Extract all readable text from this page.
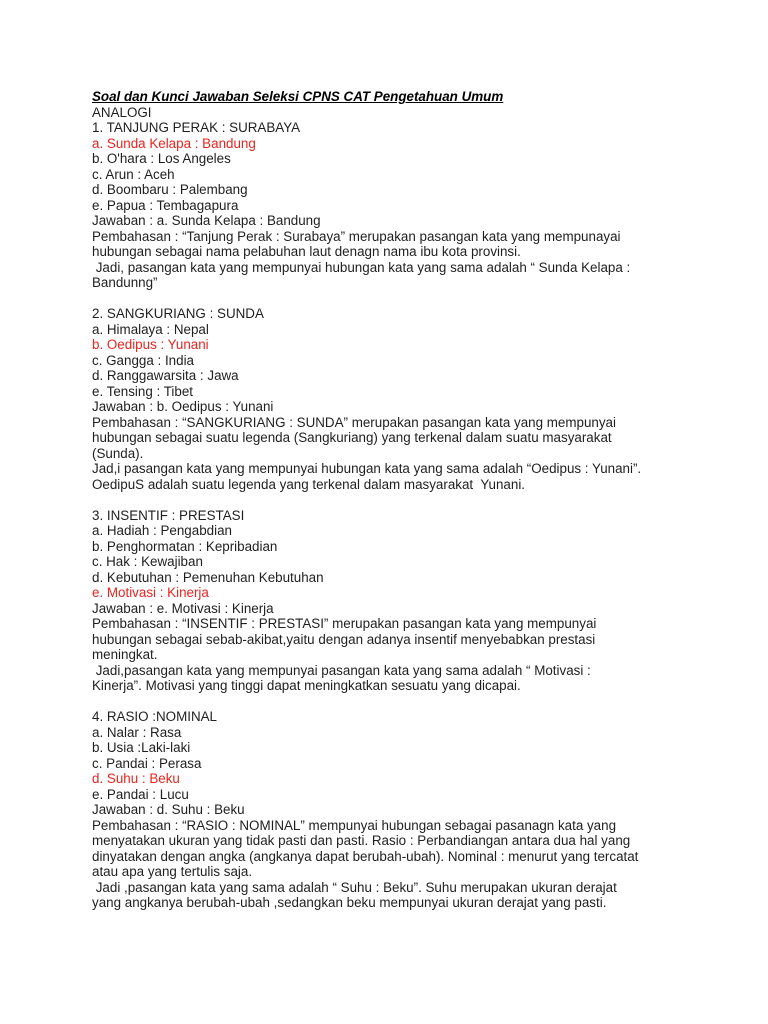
Soal dan Kunci Jawaban Seleksi CPNS CAT Pengetahuan Umum
ANALOGI
1. TANJUNG PERAK : SURABAYA
a. Sunda Kelapa : Bandung
b. O'hara : Los Angeles
c. Arun : Aceh
d. Boombaru : Palembang
e. Papua : Tembagapura
Jawaban : a. Sunda Kelapa : Bandung
Pembahasan : “Tanjung Perak : Surabaya” merupakan pasangan kata yang mempunayai
hubungan sebagai nama pelabuhan laut denagn nama ibu kota provinsi.
Jadi, pasangan kata yang mempunyai hubungan kata yang sama adalah “ Sunda Kelapa :
Bandunng”
2. SANGKURIANG : SUNDA
a. Himalaya : Nepal
b. Oedipus : Yunani
c. Gangga : India
d. Ranggawarsita : Jawa
e. Tensing : Tibet
Jawaban : b. Oedipus : Yunani
Pembahasan : “SANGKURIANG : SUNDA” merupakan pasangan kata yang mempunyai
hubungan sebagai suatu legenda (Sangkuriang) yang terkenal dalam suatu masyarakat
(Sunda).
Jad,i pasangan kata yang mempunyai hubungan kata yang sama adalah “Oedipus : Yunani”.
OedipuS adalah suatu legenda yang terkenal dalam masyarakat  Yunani.
3. INSENTIF : PRESTASI
a. Hadiah : Pengabdian
b. Penghormatan : Kepribadian
c. Hak : Kewajiban
d. Kebutuhan : Pemenuhan Kebutuhan
e. Motivasi : Kinerja
Jawaban : e. Motivasi : Kinerja
Pembahasan : “INSENTIF : PRESTASI” merupakan pasangan kata yang mempunyai
hubungan sebagai sebab-akibat,yaitu dengan adanya insentif menyebabkan prestasi
meningkat.
Jadi,pasangan kata yang mempunyai pasangan kata yang sama adalah “ Motivasi :
Kinerja”. Motivasi yang tinggi dapat meningkatkan sesuatu yang dicapai.
4. RASIO :NOMINAL
a. Nalar : Rasa
b. Usia :Laki-laki
c. Pandai : Perasa
d. Suhu : Beku
e. Pandai : Lucu
Jawaban : d. Suhu : Beku
Pembahasan : “RASIO : NOMINAL” mempunyai hubungan sebagai pasanagn kata yang
menyatakan ukuran yang tidak pasti dan pasti. Rasio : Perbandiangan antara dua hal yang
dinyatakan dengan angka (angkanya dapat berubah-ubah). Nominal : menurut yang tercatat
atau apa yang tertulis saja.
Jadi ,pasangan kata yang sama adalah “ Suhu : Beku”. Suhu merupakan ukuran derajat
yang angkanya berubah-ubah ,sedangkan beku mempunyai ukuran derajat yang pasti.
